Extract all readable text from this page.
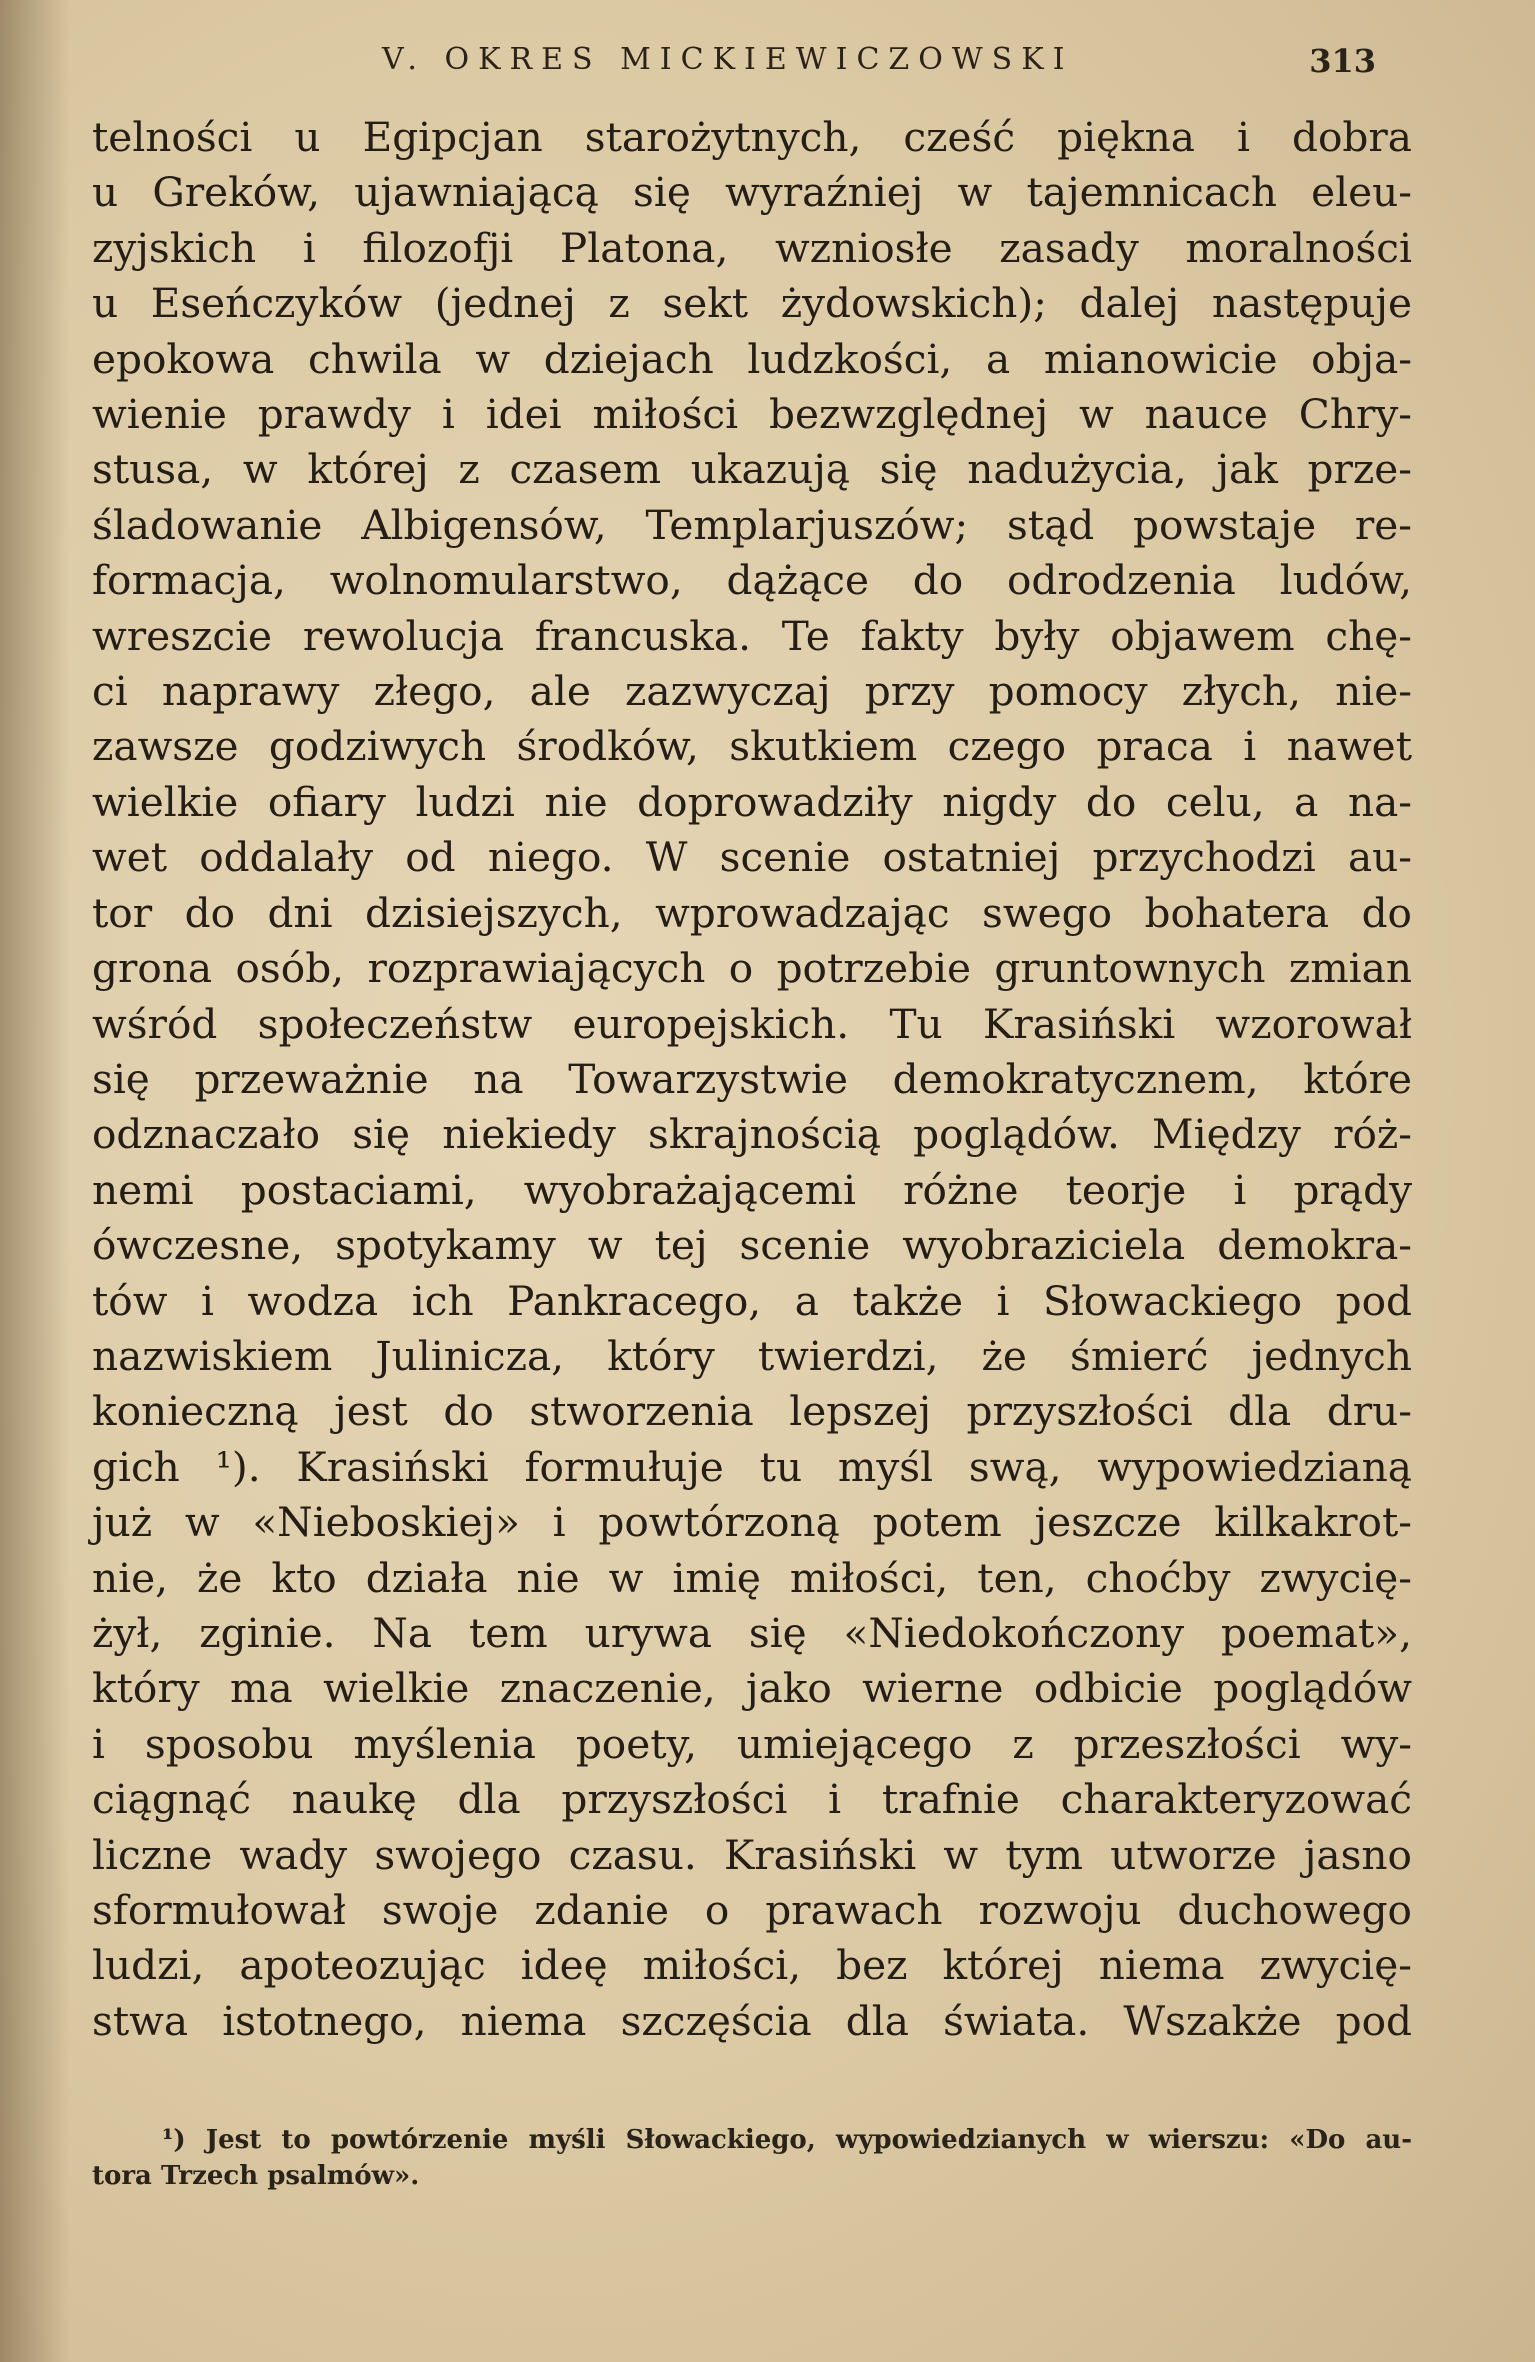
V. OKRES MICKIEWICZOWSKI	313
telności u Egipcjan starożytnych, cześć piękna i dobra
u Greków, ujawniającą się wyraźniej w tajemnicach eleu-
zyjskich i filozofji Platona, wzniosłe zasady moralności
u Eseńczyków (jednej z sekt żydowskich); dalej następuje
epokowa chwila w dziejach ludzkości, a mianowicie obja-
wienie prawdy i idei miłości bezwzględnej w nauce Chry-
stusa, w której z czasem ukazują się nadużycia, jak prze-
śladowanie Albigensów, Templarjuszów; stąd powstaje re-
formacja, wolnomularstwo, dążące do odrodzenia ludów,
wreszcie rewolucja francuska. Te fakty były objawem chę-
ci naprawy złego, ale zazwyczaj przy pomocy złych, nie-
zawsze godziwych środków, skutkiem czego praca i nawet
wielkie ofiary ludzi nie doprowadziły nigdy do celu, a na-
wet oddalały od niego. W scenie ostatniej przychodzi au-
tor do dni dzisiejszych, wprowadzając swego bohatera do
grona osób, rozprawiających o potrzebie gruntownych zmian
wśród społeczeństw europejskich. Tu Krasiński wzorował
się przeważnie na Towarzystwie demokratycznem, które
odznaczało się niekiedy skrajnością poglądów. Między róż-
nemi postaciami, wyobrażającemi różne teorje i prądy
ówczesne, spotykamy w tej scenie wyobraziciela demokra-
tów i wodza ich Pankracego, a także i Słowackiego pod
nazwiskiem Julinicza, który twierdzi, że śmierć jednych
konieczną jest do stworzenia lepszej przyszłości dla dru-
gich ¹). Krasiński formułuje tu myśl swą, wypowiedzianą
już w «Nieboskiej» i powtórzoną potem jeszcze kilkakrot-
nie, że kto działa nie w imię miłości, ten, choćby zwycię-
żył, zginie. Na tem urywa się «Niedokończony poemat»,
który ma wielkie znaczenie, jako wierne odbicie poglądów
i sposobu myślenia poety, umiejącego z przeszłości wy-
ciągnąć naukę dla przyszłości i trafnie charakteryzować
liczne wady swojego czasu. Krasiński w tym utworze jasno
sformułował swoje zdanie o prawach rozwoju duchowego
ludzi, apoteozując ideę miłości, bez której niema zwycię-
stwa istotnego, niema szczęścia dla świata. Wszakże pod
¹) Jest to powtórzenie myśli Słowackiego, wypowiedzianych w wierszu: «Do au-
tora Trzech psalmów».
